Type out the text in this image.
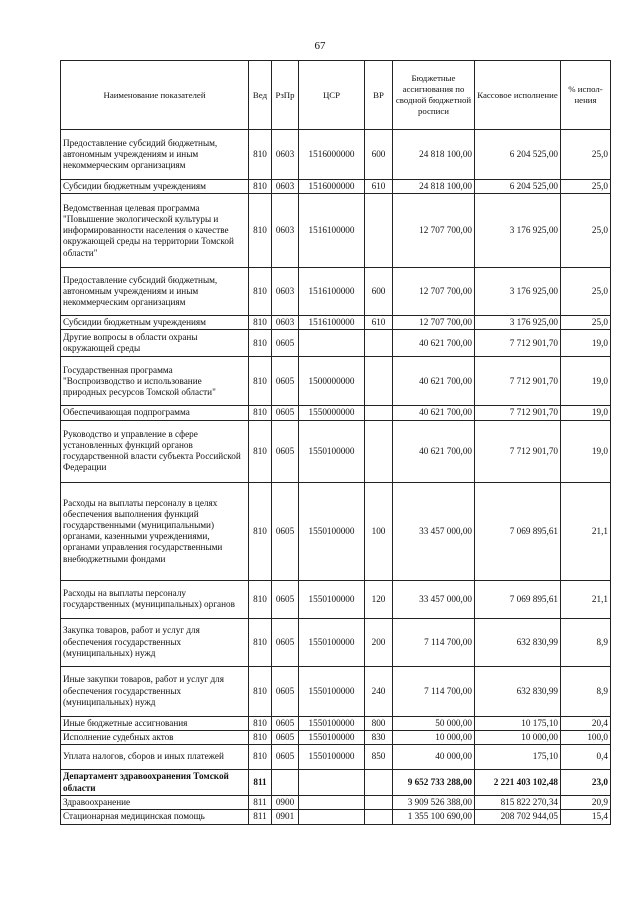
67
Наименование показателей	Вед	РзПр	ЦСР	ВР	Бюджетные ассигнования по сводной бюджетной росписи	Кассовое исполнение	% испол-нения
Предоставление субсидий бюджетным, автономным учреждениям и иным некоммерческим организациям	810	0603	1516000000	600	24 818 100,00	6 204 525,00	25,0
Субсидии бюджетным учреждениям	810	0603	1516000000	610	24 818 100,00	6 204 525,00	25,0
Ведомственная целевая программа "Повышение экологической культуры и информированности населения о качестве окружающей среды на территории Томской области"	810	0603	1516100000		12 707 700,00	3 176 925,00	25,0
Предоставление субсидий бюджетным, автономным учреждениям и иным некоммерческим организациям	810	0603	1516100000	600	12 707 700,00	3 176 925,00	25,0
Субсидии бюджетным учреждениям	810	0603	1516100000	610	12 707 700,00	3 176 925,00	25,0
Другие вопросы в области охраны окружающей среды	810	0605			40 621 700,00	7 712 901,70	19,0
Государственная программа "Воспроизводство и использование природных ресурсов Томской области"	810	0605	1500000000		40 621 700,00	7 712 901,70	19,0
Обеспечивающая подпрограмма	810	0605	1550000000		40 621 700,00	7 712 901,70	19,0
Руководство и управление в сфере установленных функций органов государственной власти субъекта Российской Федерации	810	0605	1550100000		40 621 700,00	7 712 901,70	19,0
Расходы на выплаты персоналу в целях обеспечения выполнения функций государственными (муниципальными) органами, казенными учреждениями, органами управления государственными внебюджетными фондами	810	0605	1550100000	100	33 457 000,00	7 069 895,61	21,1
Расходы на выплаты персоналу государственных (муниципальных) органов	810	0605	1550100000	120	33 457 000,00	7 069 895,61	21,1
Закупка товаров, работ и услуг для обеспечения государственных (муниципальных) нужд	810	0605	1550100000	200	7 114 700,00	632 830,99	8,9
Иные закупки товаров, работ и услуг для обеспечения государственных (муниципальных) нужд	810	0605	1550100000	240	7 114 700,00	632 830,99	8,9
Иные бюджетные ассигнования	810	0605	1550100000	800	50 000,00	10 175,10	20,4
Исполнение судебных актов	810	0605	1550100000	830	10 000,00	10 000,00	100,0
Уплата налогов, сборов и иных платежей	810	0605	1550100000	850	40 000,00	175,10	0,4
Департамент здравоохранения Томской области	811				9 652 733 288,00	2 221 403 102,48	23,0
Здравоохранение	811	0900			3 909 526 388,00	815 822 270,34	20,9
Стационарная медицинская помощь	811	0901			1 355 100 690,00	208 702 944,05	15,4
